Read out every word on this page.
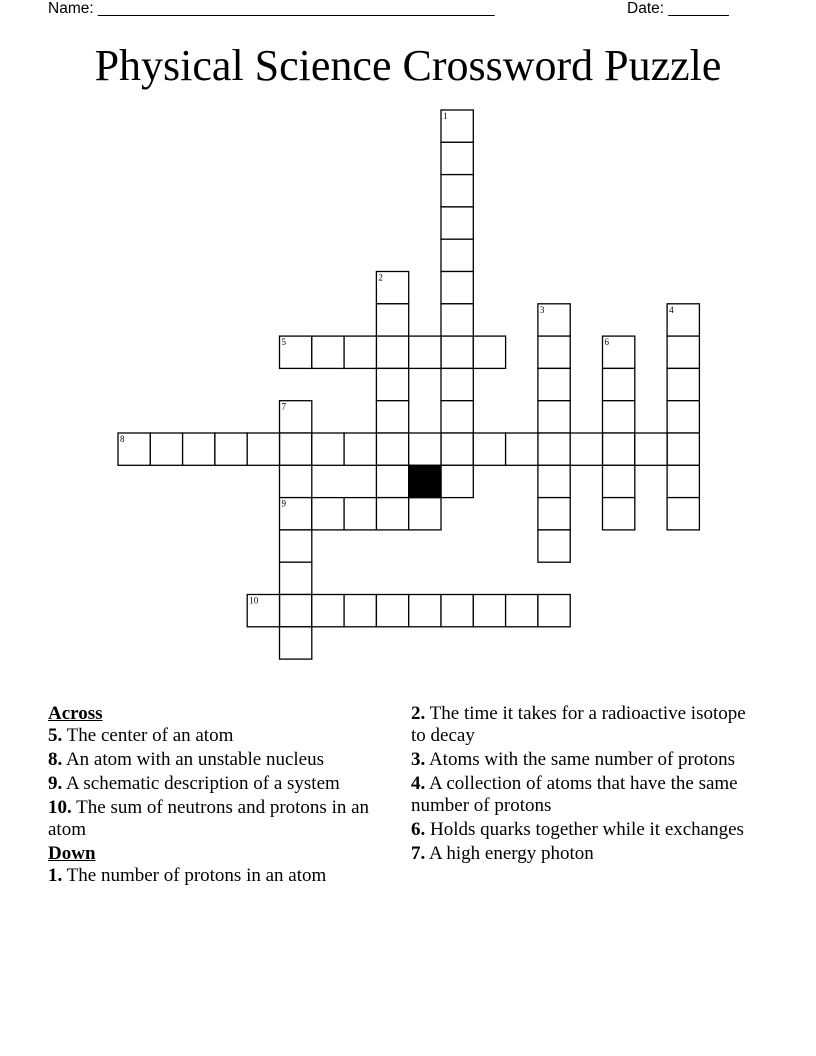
Name: ______________________________________________	Date: _______
Physical Science Crossword Puzzle
1
2
3	4
5	6
7
8
9
10
Across
5. The center of an atom
8. An atom with an unstable nucleus
9. A schematic description of a system
10. The sum of neutrons and protons in an atom
Down
1. The number of protons in an atom
2. The time it takes for a radioactive isotope to decay
3. Atoms with the same number of protons
4. A collection of atoms that have the same number of protons
6. Holds quarks together while it exchanges
7. A high energy photon
